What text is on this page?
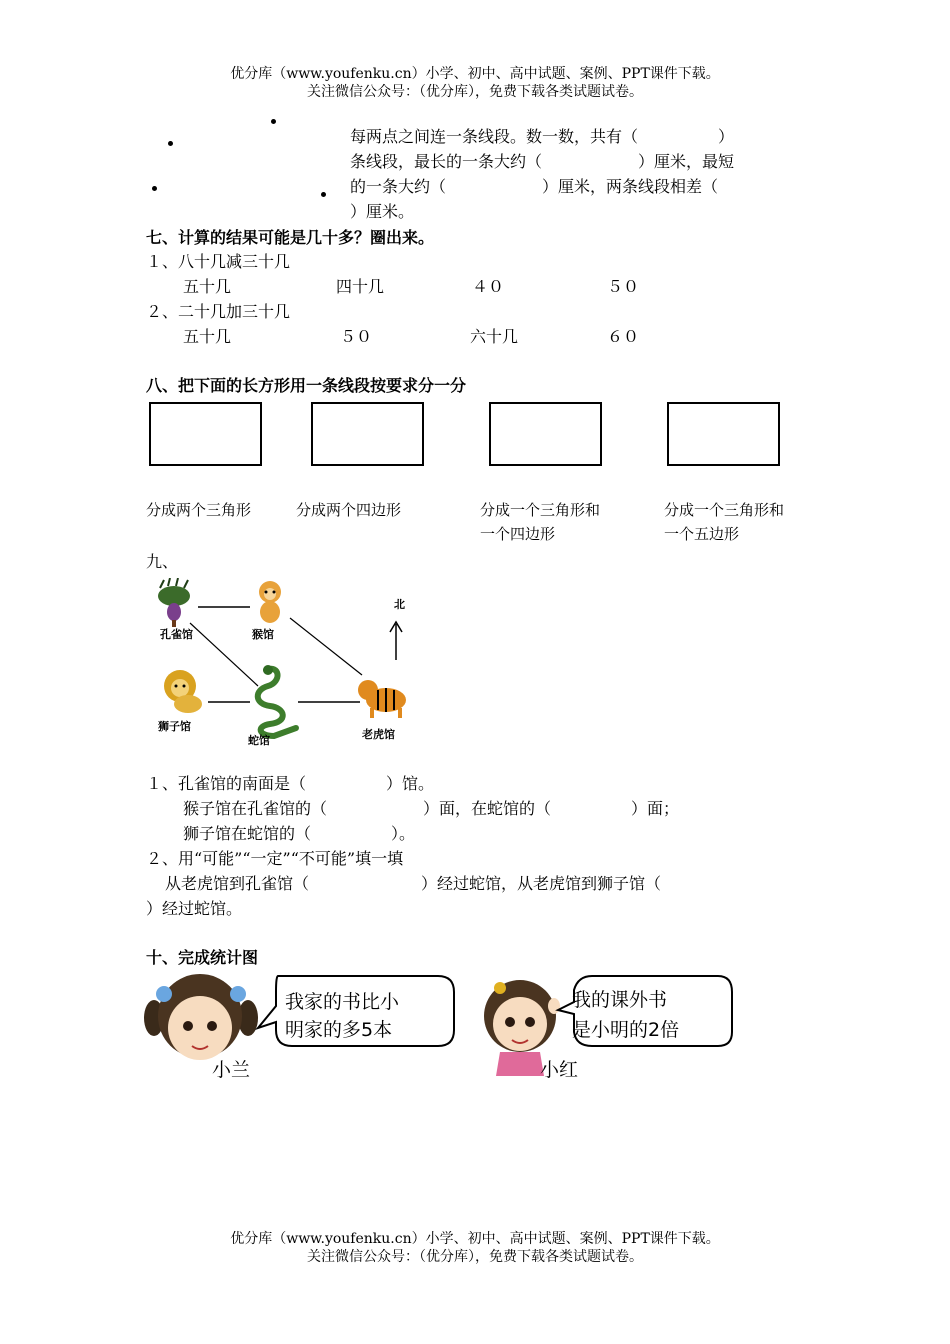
优分库（www.youfenku.cn）小学、初中、高中试题、案例、PPT课件下载。
关注微信公众号：（优分库），免费下载各类试题试卷。
每两点之间连一条线段。数一数，共有（　　　　　）
条线段，最长的一条大约（　　　　　　）厘米，最短
的一条大约（　　　　　　）厘米，两条线段相差（
）厘米。
七、计算的结果可能是几十多？圈出来。
１、八十几减三十几
五十几	四十几	４０	５０
２、二十几加三十几
五十几	５０	六十几	６０
八、把下面的长方形用一条线段按要求分一分
分成两个三角形	分成两个四边形	分成一个三角形和
一个四边形
分成一个三角形和
一个五边形
九、
北
孔雀馆	猴馆
狮子馆
蛇馆	老虎馆
１、孔雀馆的南面是（　　　　　）馆。
猴子馆在孔雀馆的（　　　　　　）面，在蛇馆的（　　　　　）面；
狮子馆在蛇馆的（　　　　　）。
２、用“可能”“一定”“不可能”填一填
从老虎馆到孔雀馆（　　　　　　　）经过蛇馆，从老虎馆到狮子馆（
）经过蛇馆。
十、完成统计图
我家的书比小
明家的多5本
小兰
我的课外书
是小明的2倍
小红
优分库（www.youfenku.cn）小学、初中、高中试题、案例、PPT课件下载。
关注微信公众号：（优分库），免费下载各类试题试卷。
